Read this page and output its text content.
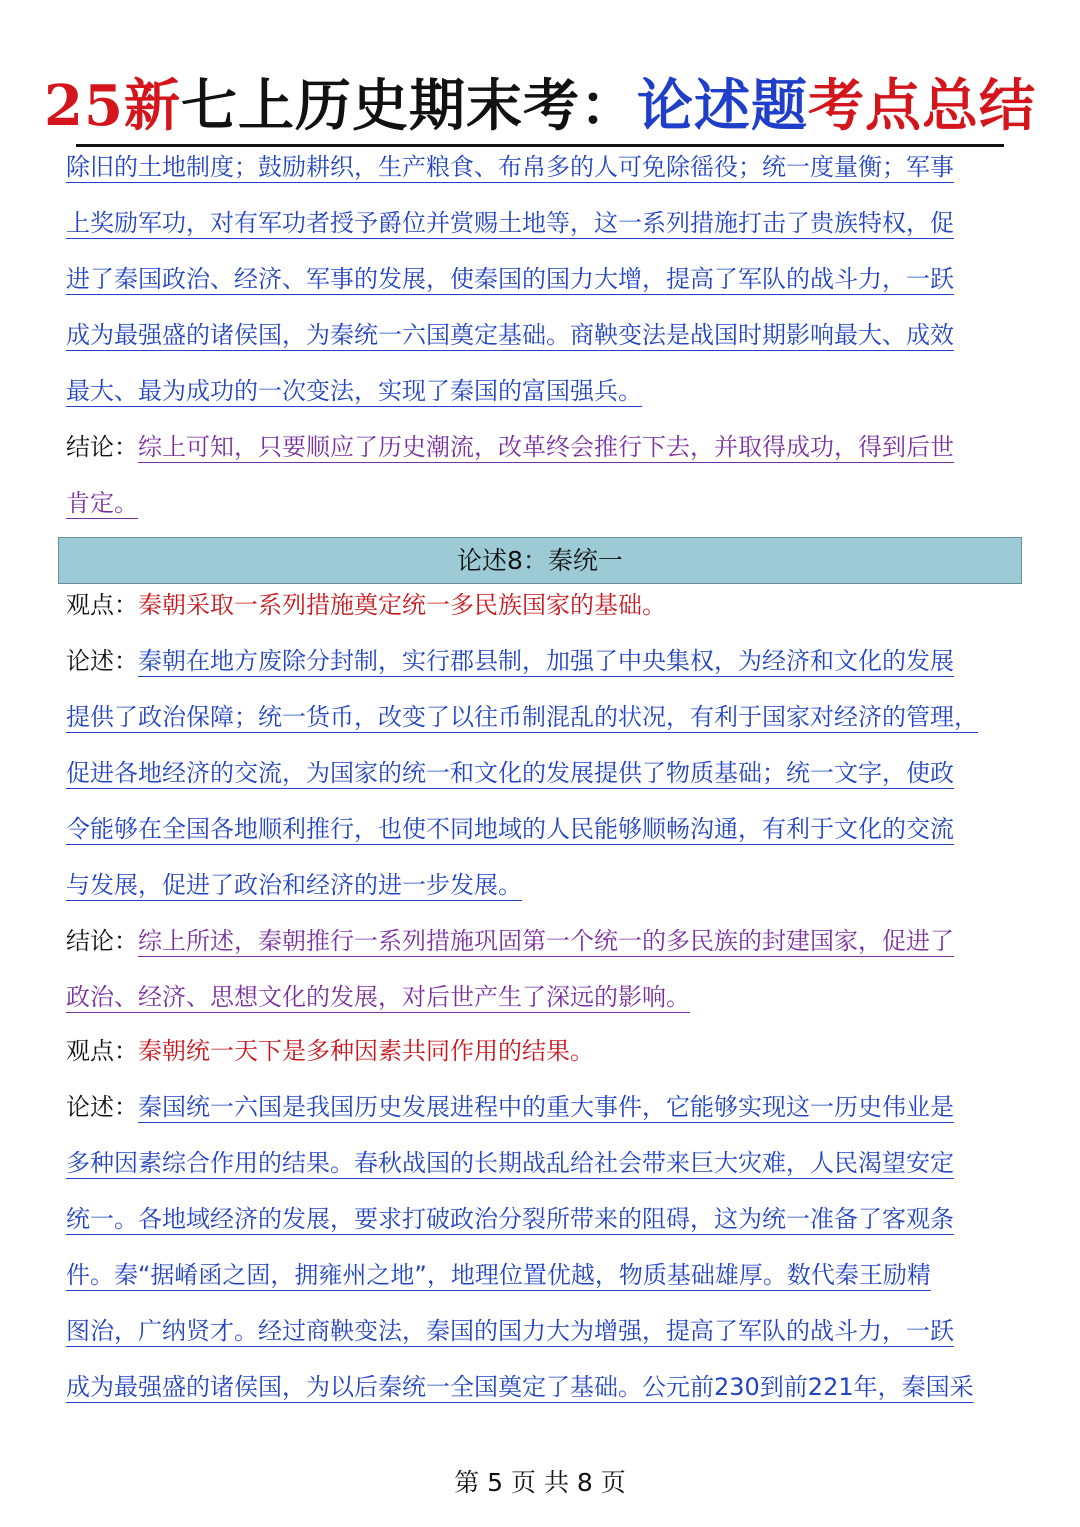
25新七上历史期末考：论述题考点总结
除旧的土地制度；鼓励耕织，生产粮食、布帛多的人可免除徭役；统一度量衡；军事
上奖励军功，对有军功者授予爵位并赏赐土地等，这一系列措施打击了贵族特权，促
进了秦国政治、经济、军事的发展，使秦国的国力大增，提高了军队的战斗力，一跃
成为最强盛的诸侯国，为秦统一六国奠定基础。商鞅变法是战国时期影响最大、成效
最大、最为成功的一次变法，实现了秦国的富国强兵。
结论：综上可知，只要顺应了历史潮流，改革终会推行下去，并取得成功，得到后世
肯定。
论述8：秦统一
观点：秦朝采取一系列措施奠定统一多民族国家的基础。
论述：秦朝在地方废除分封制，实行郡县制，加强了中央集权，为经济和文化的发展
提供了政治保障；统一货币，改变了以往币制混乱的状况，有利于国家对经济的管理，
促进各地经济的交流，为国家的统一和文化的发展提供了物质基础；统一文字，使政
令能够在全国各地顺利推行，也使不同地域的人民能够顺畅沟通，有利于文化的交流
与发展，促进了政治和经济的进一步发展。
结论：综上所述，秦朝推行一系列措施巩固第一个统一的多民族的封建国家，促进了
政治、经济、思想文化的发展，对后世产生了深远的影响。
观点：秦朝统一天下是多种因素共同作用的结果。
论述：秦国统一六国是我国历史发展进程中的重大事件，它能够实现这一历史伟业是
多种因素综合作用的结果。春秋战国的长期战乱给社会带来巨大灾难，人民渴望安定
统一。各地域经济的发展，要求打破政治分裂所带来的阻碍，这为统一准备了客观条
件。秦“据崤函之固，拥雍州之地”，地理位置优越，物质基础雄厚。数代秦王励精
图治，广纳贤才。经过商鞅变法，秦国的国力大为增强，提高了军队的战斗力，一跃
成为最强盛的诸侯国，为以后秦统一全国奠定了基础。公元前230到前221年，秦国采
第 5 页 共 8 页
